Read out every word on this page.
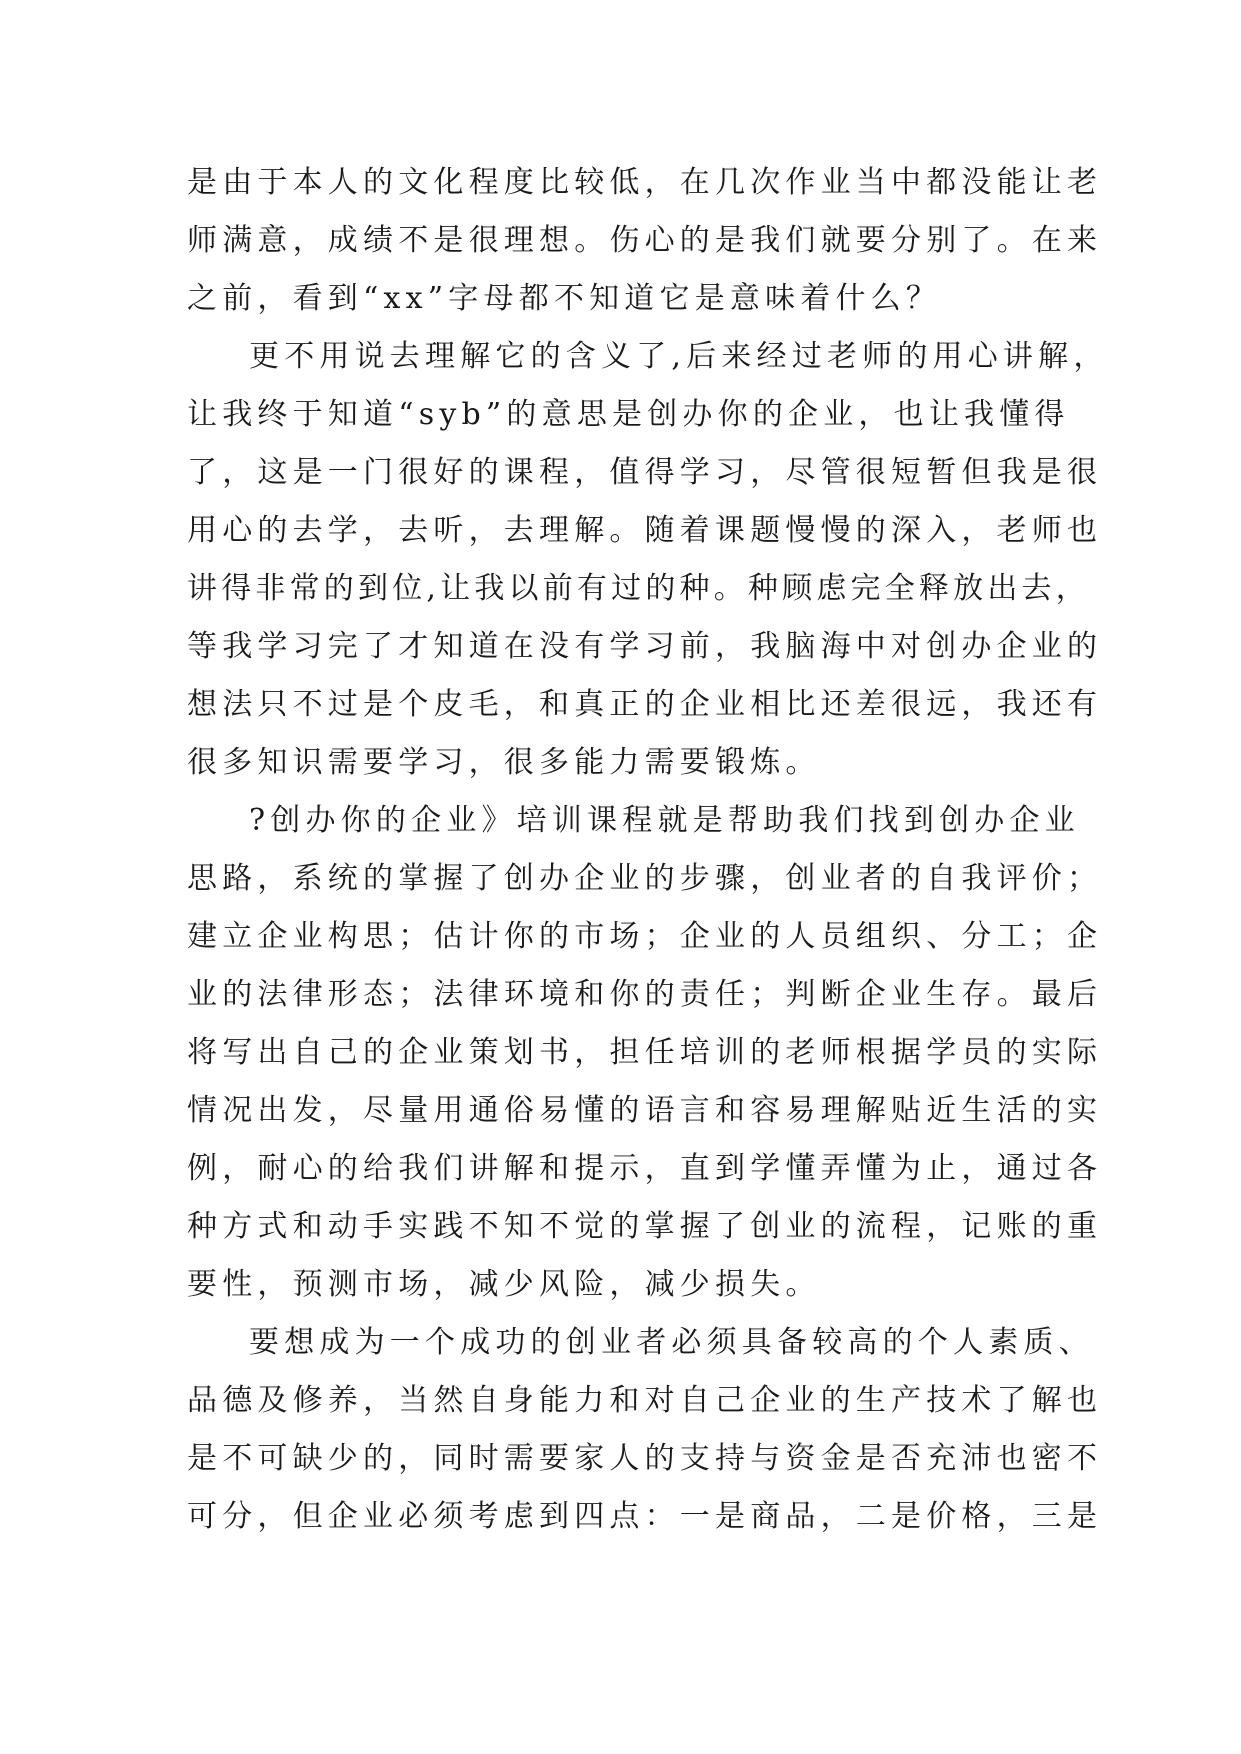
是由于本人的文化程度比较低，在几次作业当中都没能让老
师满意，成绩不是很理想。伤心的是我们就要分别了。在来
之前，看到“xx”字母都不知道它是意味着什么？
更不用说去理解它的含义了,后来经过老师的用心讲解，
让我终于知道“syb”的意思是创办你的企业，也让我懂得
了，这是一门很好的课程，值得学习，尽管很短暂但我是很
用心的去学，去听，去理解。随着课题慢慢的深入，老师也
讲得非常的到位,让我以前有过的种。种顾虑完全释放出去，
等我学习完了才知道在没有学习前，我脑海中对创办企业的
想法只不过是个皮毛，和真正的企业相比还差很远，我还有
很多知识需要学习，很多能力需要锻炼。
?创办你的企业》培训课程就是帮助我们找到创办企业
思路，系统的掌握了创办企业的步骤，创业者的自我评价；
建立企业构思；估计你的市场；企业的人员组织、分工；企
业的法律形态；法律环境和你的责任；判断企业生存。最后
将写出自己的企业策划书，担任培训的老师根据学员的实际
情况出发，尽量用通俗易懂的语言和容易理解贴近生活的实
例，耐心的给我们讲解和提示，直到学懂弄懂为止，通过各
种方式和动手实践不知不觉的掌握了创业的流程，记账的重
要性，预测市场，减少风险，减少损失。
要想成为一个成功的创业者必须具备较高的个人素质、
品德及修养，当然自身能力和对自己企业的生产技术了解也
是不可缺少的，同时需要家人的支持与资金是否充沛也密不
可分，但企业必须考虑到四点：一是商品，二是价格，三是
